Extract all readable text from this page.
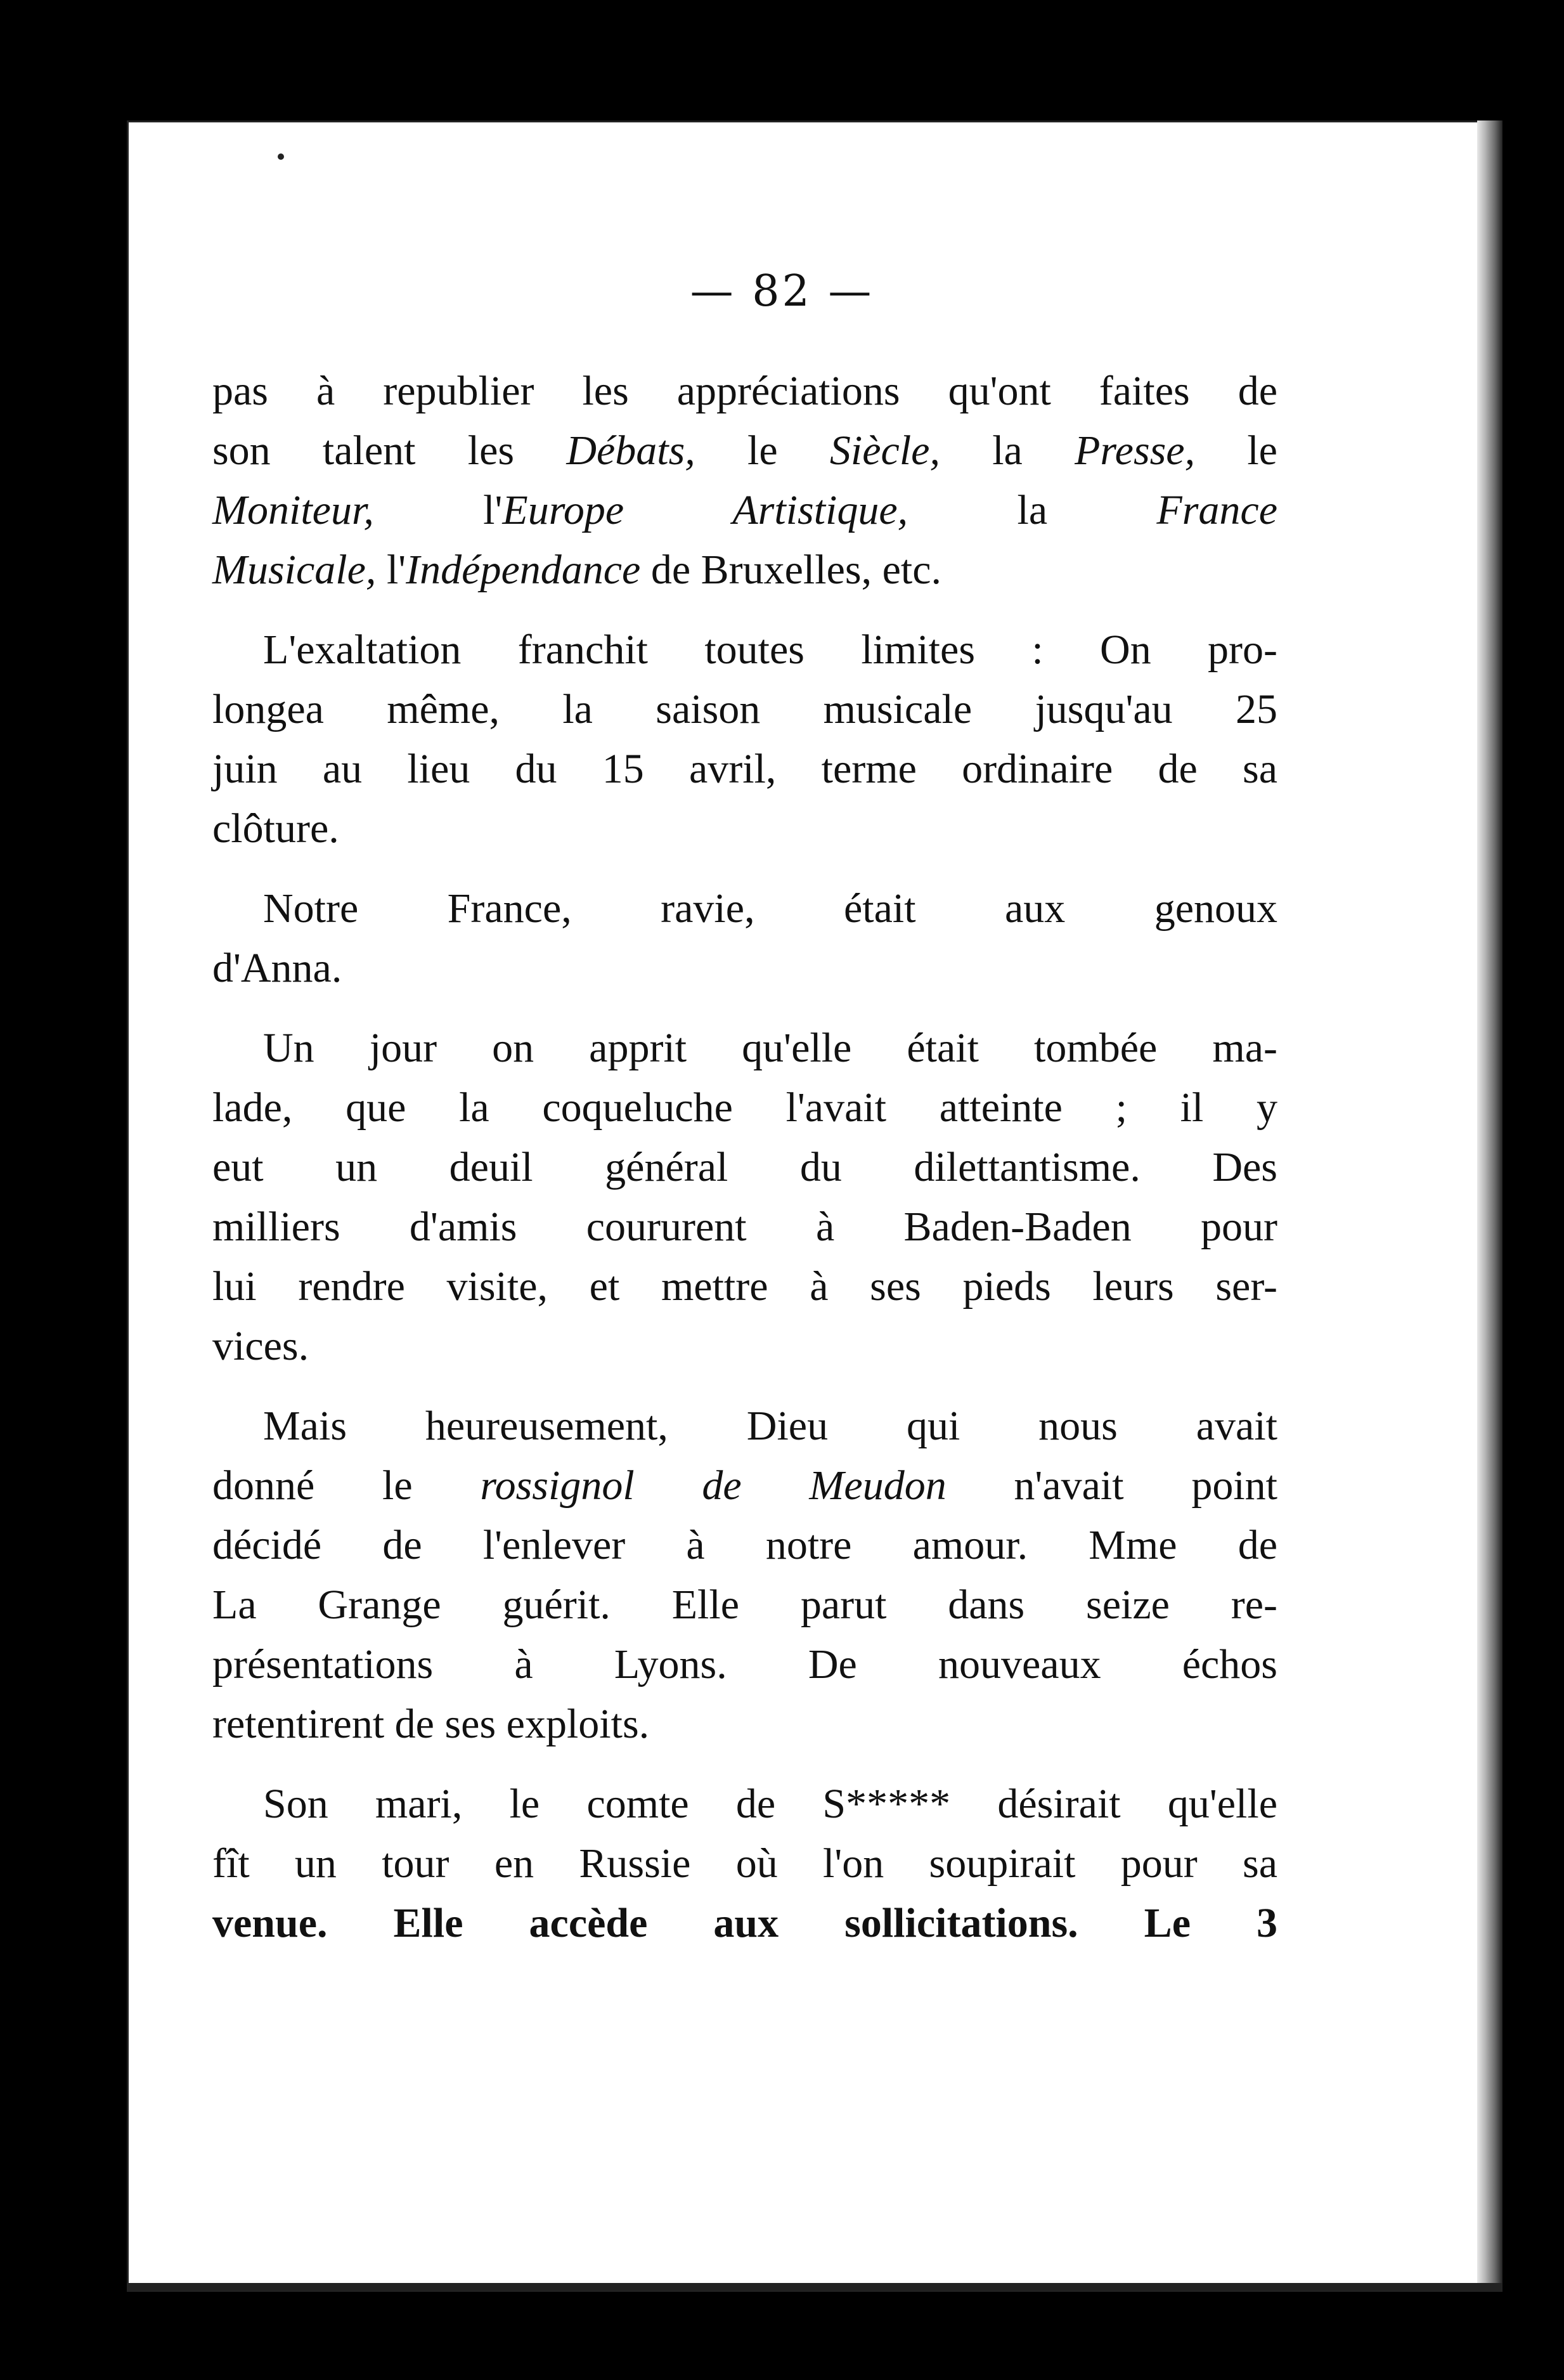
— 82 —
pas à republier les appréciations qu'ont faites de
son talent les Débats, le Siècle, la Presse, le
Moniteur, l'Europe Artistique, la France
Musicale, l'Indépendance de Bruxelles, etc.
L'exaltation franchit toutes limites : On pro-
longea même, la saison musicale jusqu'au 25
juin au lieu du 15 avril, terme ordinaire de sa
clôture.
Notre France, ravie, était aux genoux
d'Anna.
Un jour on apprit qu'elle était tombée ma-
lade, que la coqueluche l'avait atteinte ; il y
eut un deuil général du dilettantisme. Des
milliers d'amis coururent à Baden-Baden pour
lui rendre visite, et mettre à ses pieds leurs ser-
vices.
Mais heureusement, Dieu qui nous avait
donné le rossignol de Meudon n'avait point
décidé de l'enlever à notre amour. Mme de
La Grange guérit. Elle parut dans seize re-
présentations à Lyons. De nouveaux échos
retentirent de ses exploits.
Son mari, le comte de S***** désirait qu'elle
fît un tour en Russie où l'on soupirait pour sa
venue. Elle accède aux sollicitations. Le 3
